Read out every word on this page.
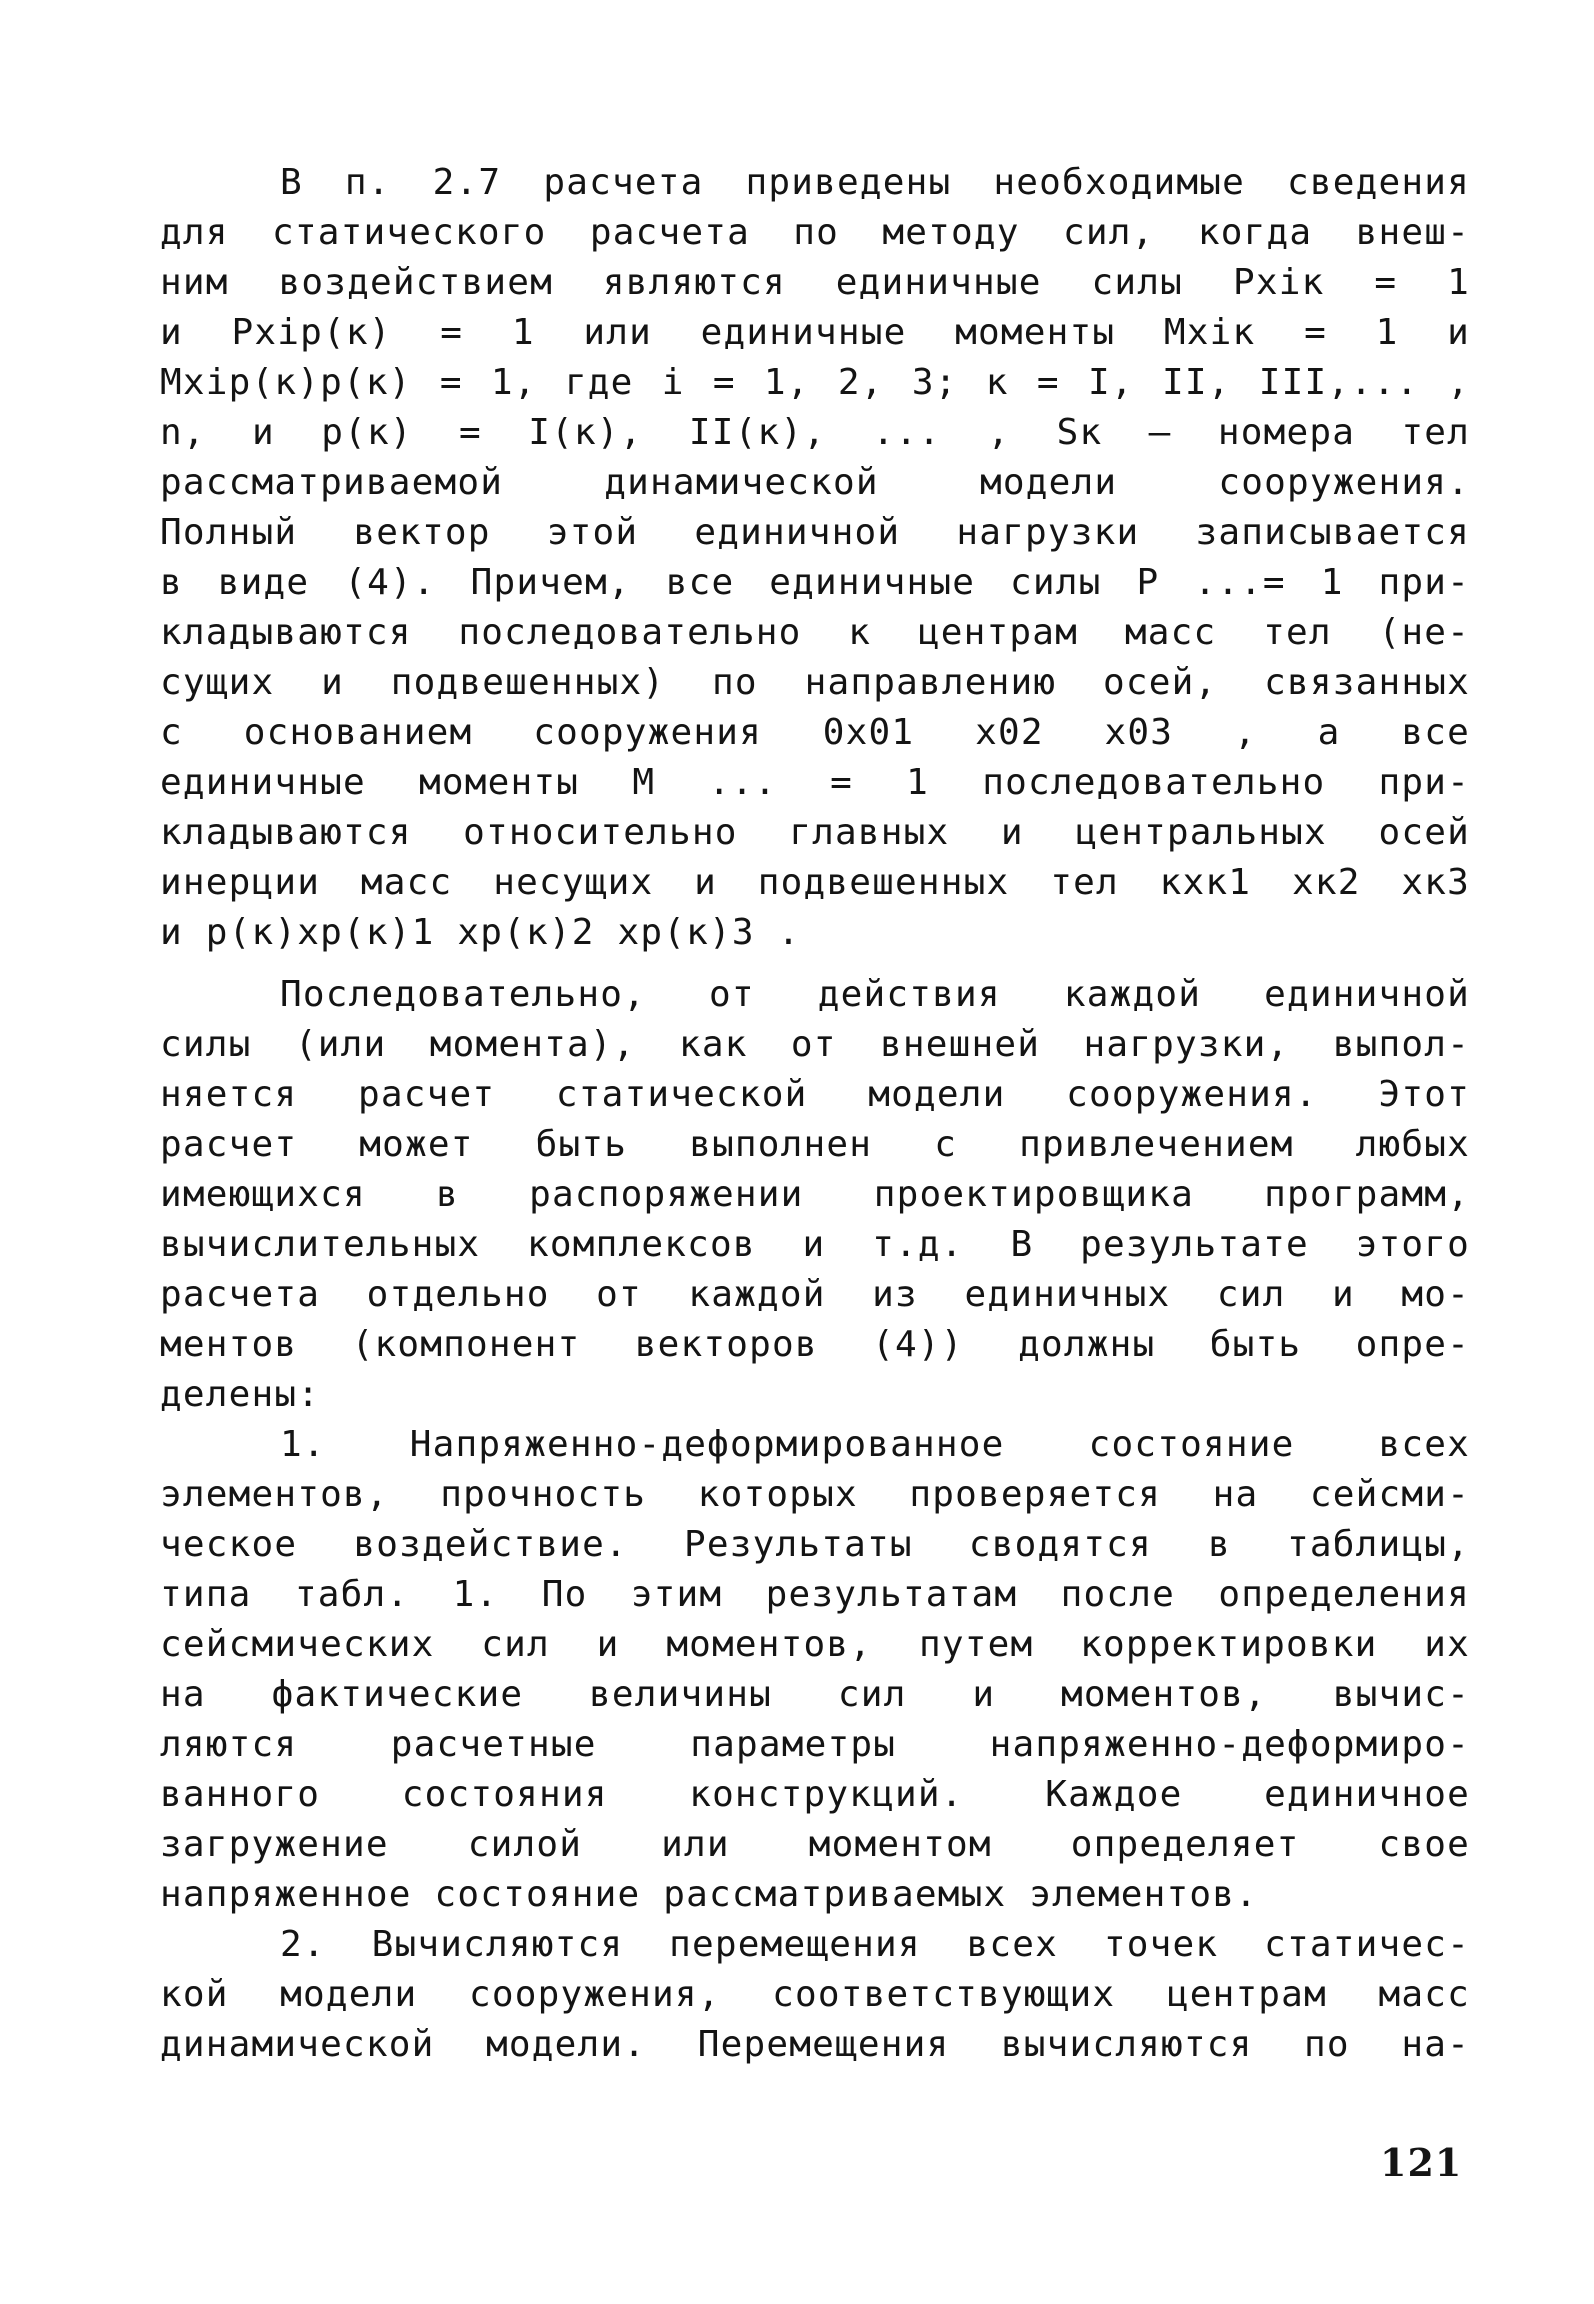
В п. 2.7 расчета приведены необходимые сведения
для статического расчета по методу сил, когда внеш-
ним воздействием являются единичные силы Pxiк = 1
и Pxip(к) = 1 или единичные моменты Mxiк = 1 и
Mxip(к)p(к) = 1, где i = 1, 2, 3; к = I, II, III,... ,
n, и p(к) = I(к), II(к), ... , Sк – номера тел
рассматриваемой динамической модели сооружения.
Полный вектор этой единичной нагрузки записывается
в виде (4). Причем, все единичные силы P ...= 1 при-
кладываются последовательно к центрам масс тел (не-
сущих и подвешенных) по направлению осей, связанных
с основанием сооружения 0x01 x02 x03 , а все
единичные моменты M ... = 1 последовательно при-
кладываются относительно главных и центральных осей
инерции масс несущих и подвешенных тел кxк1 xк2 xк3
и p(к)xp(к)1 xp(к)2 xp(к)3 .
Последовательно, от действия каждой единичной
силы (или момента), как от внешней нагрузки, выпол-
няется расчет статической модели сооружения. Этот
расчет может быть выполнен с привлечением любых
имеющихся в распоряжении проектировщика программ,
вычислительных комплексов и т.д. В результате этого
расчета отдельно от каждой из единичных сил и мо-
ментов (компонент векторов (4)) должны быть опре-
делены:
1. Напряженно-деформированное состояние всех
элементов, прочность которых проверяется на сейсми-
ческое воздействие. Результаты сводятся в таблицы,
типа табл. 1. По этим результатам после определения
сейсмических сил и моментов, путем корректировки их
на фактические величины сил и моментов, вычис-
ляются расчетные параметры напряженно-деформиро-
ванного состояния конструкций. Каждое единичное
загружение силой или моментом определяет свое
напряженное состояние рассматриваемых элементов.
2. Вычисляются перемещения всех точек статичес-
кой модели сооружения, соответствующих центрам масс
динамической модели. Перемещения вычисляются по на-
121
